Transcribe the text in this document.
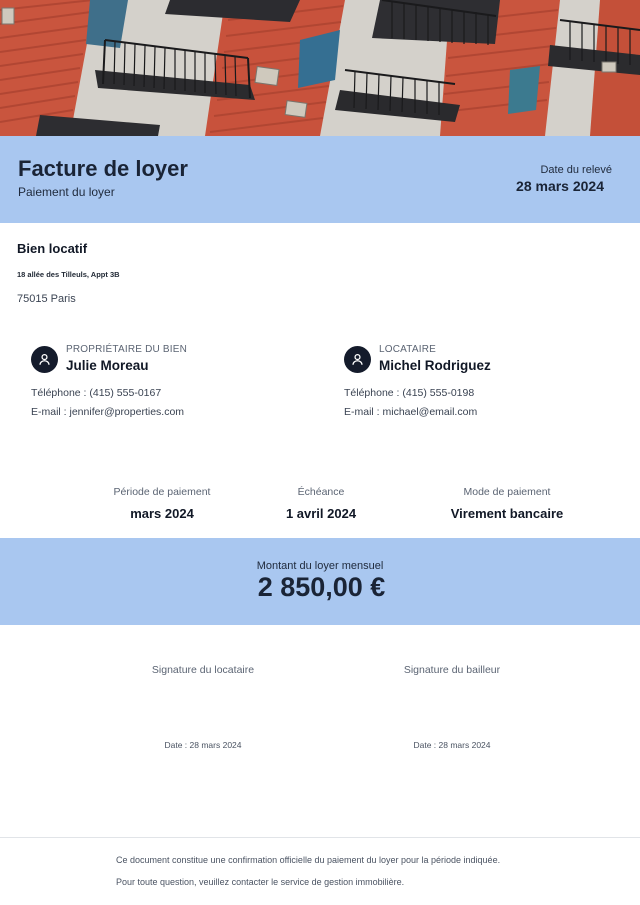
Facture de loyer
Paiement du loyer
Date du relevé
28 mars 2024
Bien locatif
18 allée des Tilleuls, Appt 3B
75015 Paris
PROPRIÉTAIRE DU BIEN
Julie Moreau
Téléphone : (415) 555-0167
E-mail : jennifer@properties.com
LOCATAIRE
Michel Rodriguez
Téléphone : (415) 555-0198
E-mail : michael@email.com
Période de paiement
mars 2024
Échéance
1 avril 2024
Mode de paiement
Virement bancaire
Montant du loyer mensuel
2 850,00 €
Signature du locataire
Date : 28 mars 2024
Signature du bailleur
Date : 28 mars 2024

Ce document constitue une confirmation officielle du paiement du loyer pour la période indiquée.

Pour toute question, veuillez contacter le service de gestion immobilière.
